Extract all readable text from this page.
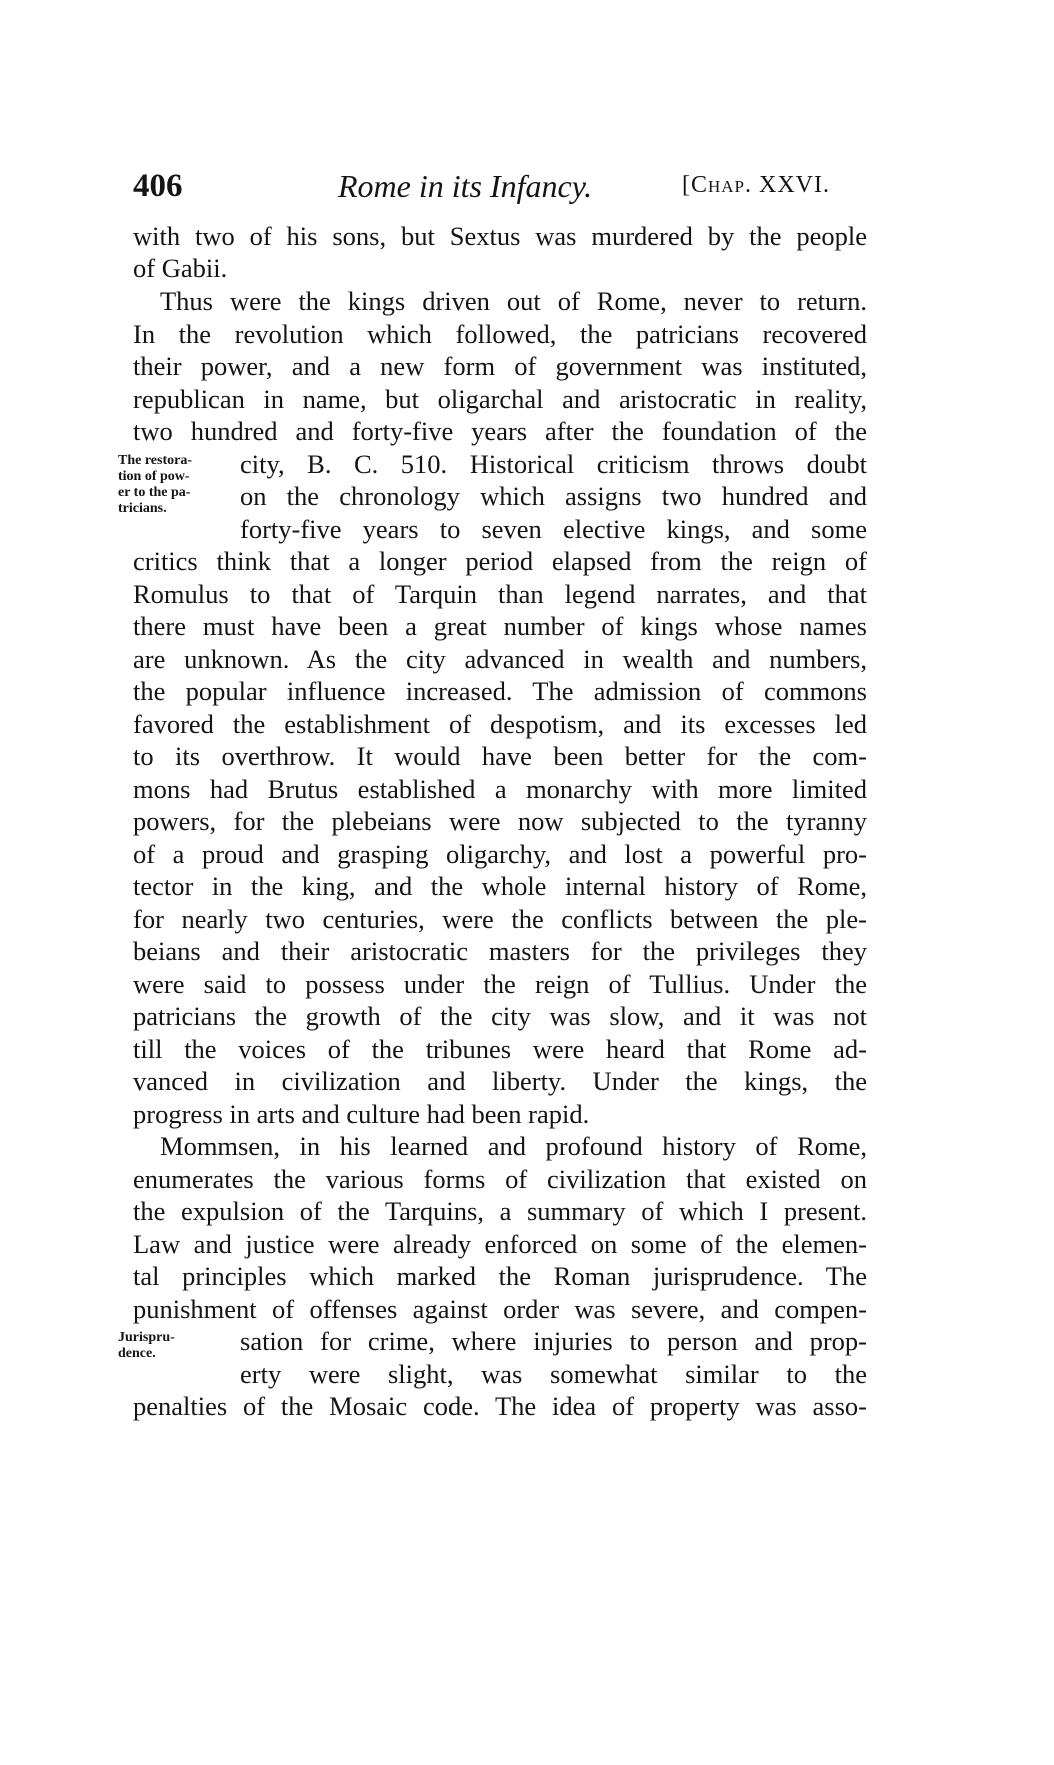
406	Rome in its Infancy.	[Chap. XXVI.
with two of his sons, but Sextus was murdered by the people
of Gabii.
Thus were the kings driven out of Rome, never to return.
In the revolution which followed, the patricians recovered
their power, and a new form of government was instituted,
republican in name, but oligarchal and aristocratic in reality,
two hundred and forty-five years after the foundation of the
city, B. C. 510. Historical criticism throws doubt
on the chronology which assigns two hundred and
forty-five years to seven elective kings, and some
critics think that a longer period elapsed from the reign of
Romulus to that of Tarquin than legend narrates, and that
there must have been a great number of kings whose names
are unknown. As the city advanced in wealth and numbers,
the popular influence increased. The admission of commons
favored the establishment of despotism, and its excesses led
to its overthrow. It would have been better for the com-
mons had Brutus established a monarchy with more limited
powers, for the plebeians were now subjected to the tyranny
of a proud and grasping oligarchy, and lost a powerful pro-
tector in the king, and the whole internal history of Rome,
for nearly two centuries, were the conflicts between the ple-
beians and their aristocratic masters for the privileges they
were said to possess under the reign of Tullius. Under the
patricians the growth of the city was slow, and it was not
till the voices of the tribunes were heard that Rome ad-
vanced in civilization and liberty. Under the kings, the
progress in arts and culture had been rapid.
Mommsen, in his learned and profound history of Rome,
enumerates the various forms of civilization that existed on
the expulsion of the Tarquins, a summary of which I present.
Law and justice were already enforced on some of the elemen-
tal principles which marked the Roman jurisprudence. The
punishment of offenses against order was severe, and compen-
sation for crime, where injuries to person and prop-
erty were slight, was somewhat similar to the
penalties of the Mosaic code. The idea of property was asso-
The restora-
tion of pow-
er to the pa-
tricians.
Jurispru-
dence.
